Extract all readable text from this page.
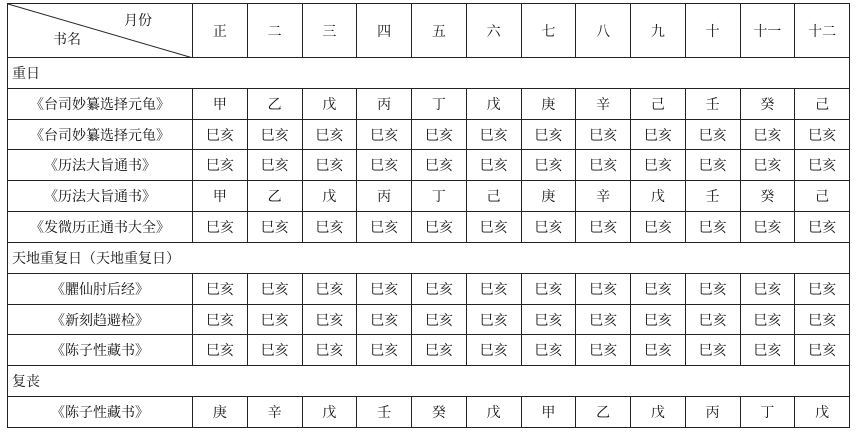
月份
书名	正	二	三	四	五	六	七	八	九	十	十一	十二
重日												
《台司妙纂选择元龟》	甲	乙	戊	丙	丁	戊	庚	辛	己	壬	癸	己
《台司妙纂选择元龟》	巳亥	巳亥	巳亥	巳亥	巳亥	巳亥	巳亥	巳亥	巳亥	巳亥	巳亥	巳亥
《历法大旨通书》	巳亥	巳亥	巳亥	巳亥	巳亥	巳亥	巳亥	巳亥	巳亥	巳亥	巳亥	巳亥
《历法大旨通书》	甲	乙	戊	丙	丁	己	庚	辛	戊	壬	癸	己
《发微历正通书大全》	巳亥	巳亥	巳亥	巳亥	巳亥	巳亥	巳亥	巳亥	巳亥	巳亥	巳亥	巳亥
天地重复日（天地重复日）												
《臞仙肘后经》	巳亥	巳亥	巳亥	巳亥	巳亥	巳亥	巳亥	巳亥	巳亥	巳亥	巳亥	巳亥
《新刻趋避检》	巳亥	巳亥	巳亥	巳亥	巳亥	巳亥	巳亥	巳亥	巳亥	巳亥	巳亥	巳亥
《陈子性藏书》	巳亥	巳亥	巳亥	巳亥	巳亥	巳亥	巳亥	巳亥	巳亥	巳亥	巳亥	巳亥
复丧												
《陈子性藏书》	庚	辛	戊	壬	癸	戊	甲	乙	戊	丙	丁	戊
